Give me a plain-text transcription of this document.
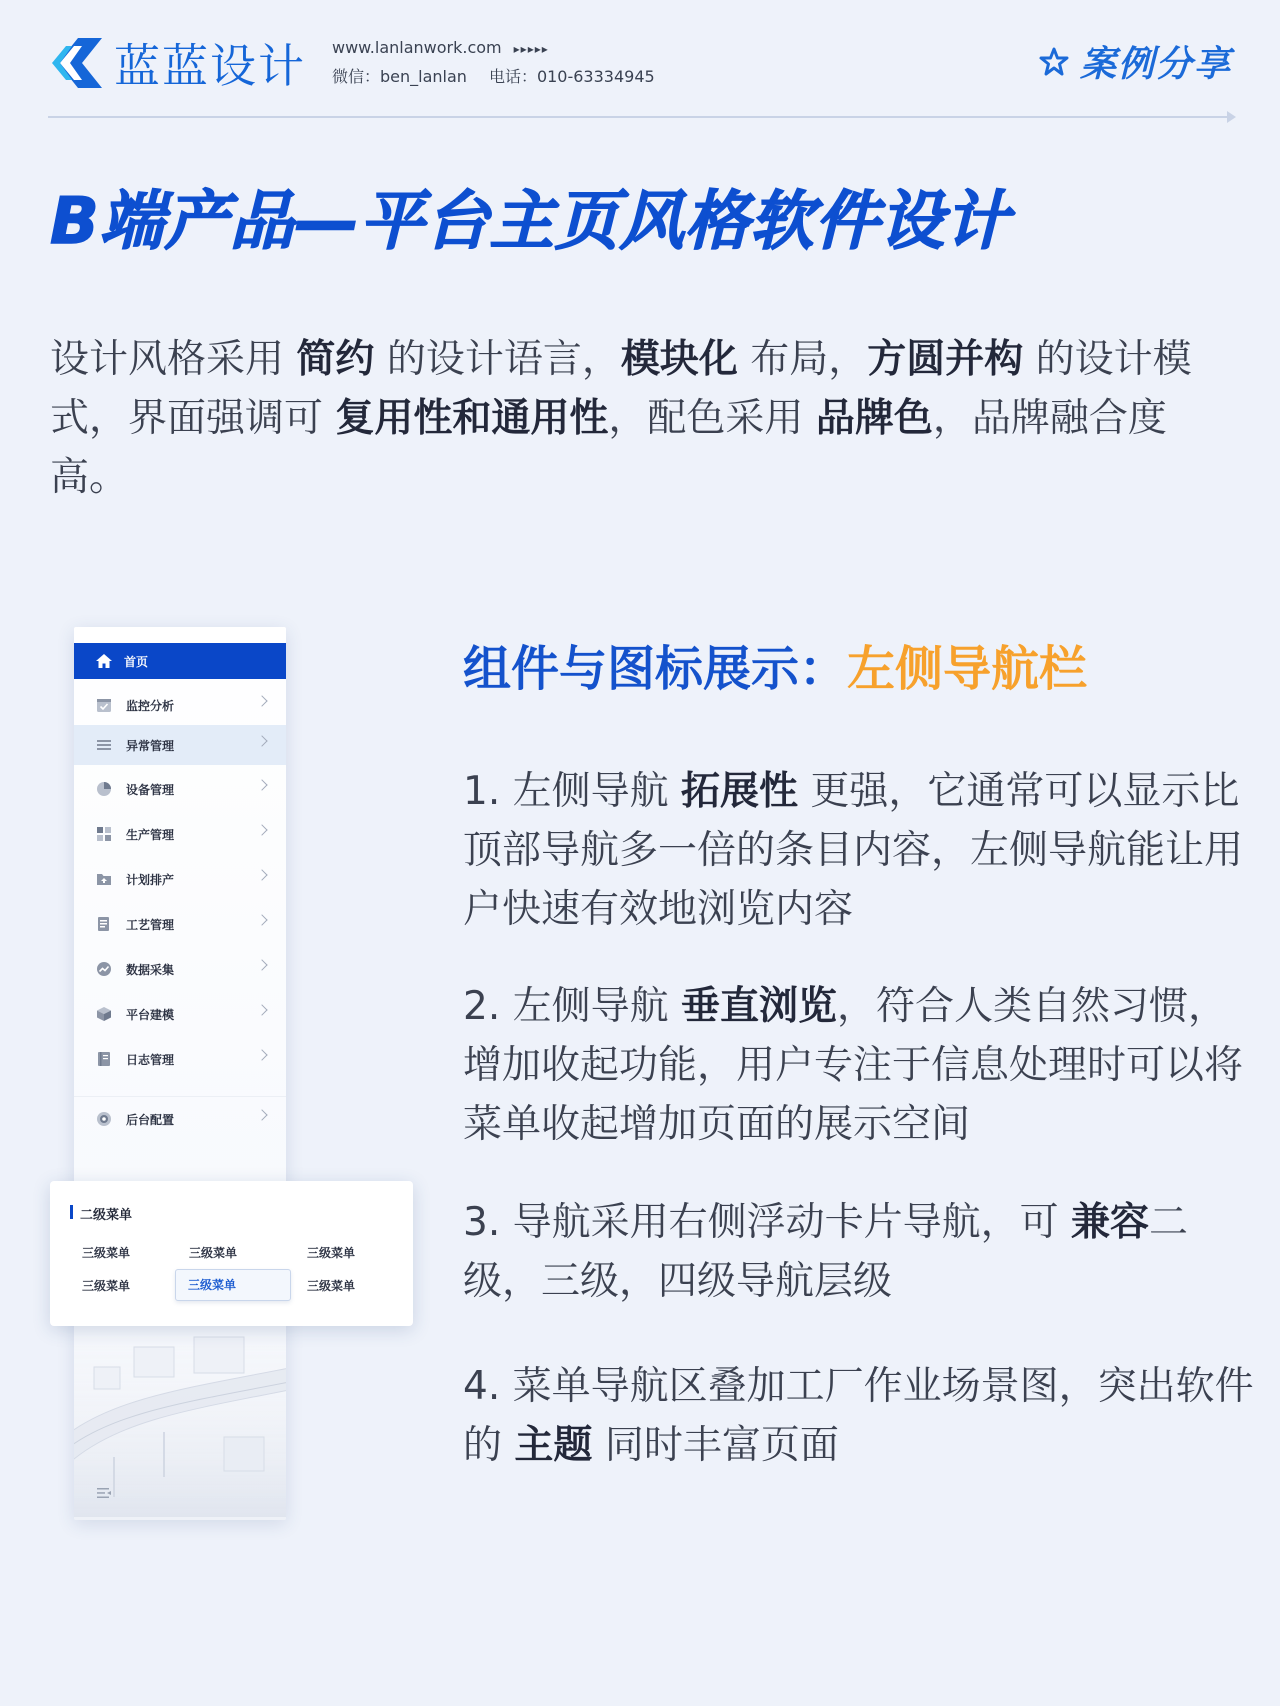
蓝蓝设计 www.lanlanwork.com ▸▸▸▸▸
微信：ben_lanlan 电话：010-63334945	案例分享
B端产品—平台主页风格软件设计

设计风格采用 简约 的设计语言，模块化 布局，方圆并构 的设计模式，界面强调可 复用性和通用性，配色采用 品牌色，品牌融合度高。

首页
监控分析
异常管理
设备管理
生产管理
计划排产
工艺管理
数据采集
平台建模
日志管理
后台配置
二级菜单
三级菜单	三级菜单	三级菜单
三级菜单	三级菜单	三级菜单
组件与图标展示：左侧导航栏

1. 左侧导航 拓展性 更强，它通常可以显示比顶部导航多一倍的条目内容，左侧导航能让用户快速有效地浏览内容

2. 左侧导航 垂直浏览，符合人类自然习惯，增加收起功能，用户专注于信息处理时可以将菜单收起增加页面的展示空间

3. 导航采用右侧浮动卡片导航，可 兼容二级，三级，四级导航层级

4. 菜单导航区叠加工厂作业场景图，突出软件的 主题 同时丰富页面
